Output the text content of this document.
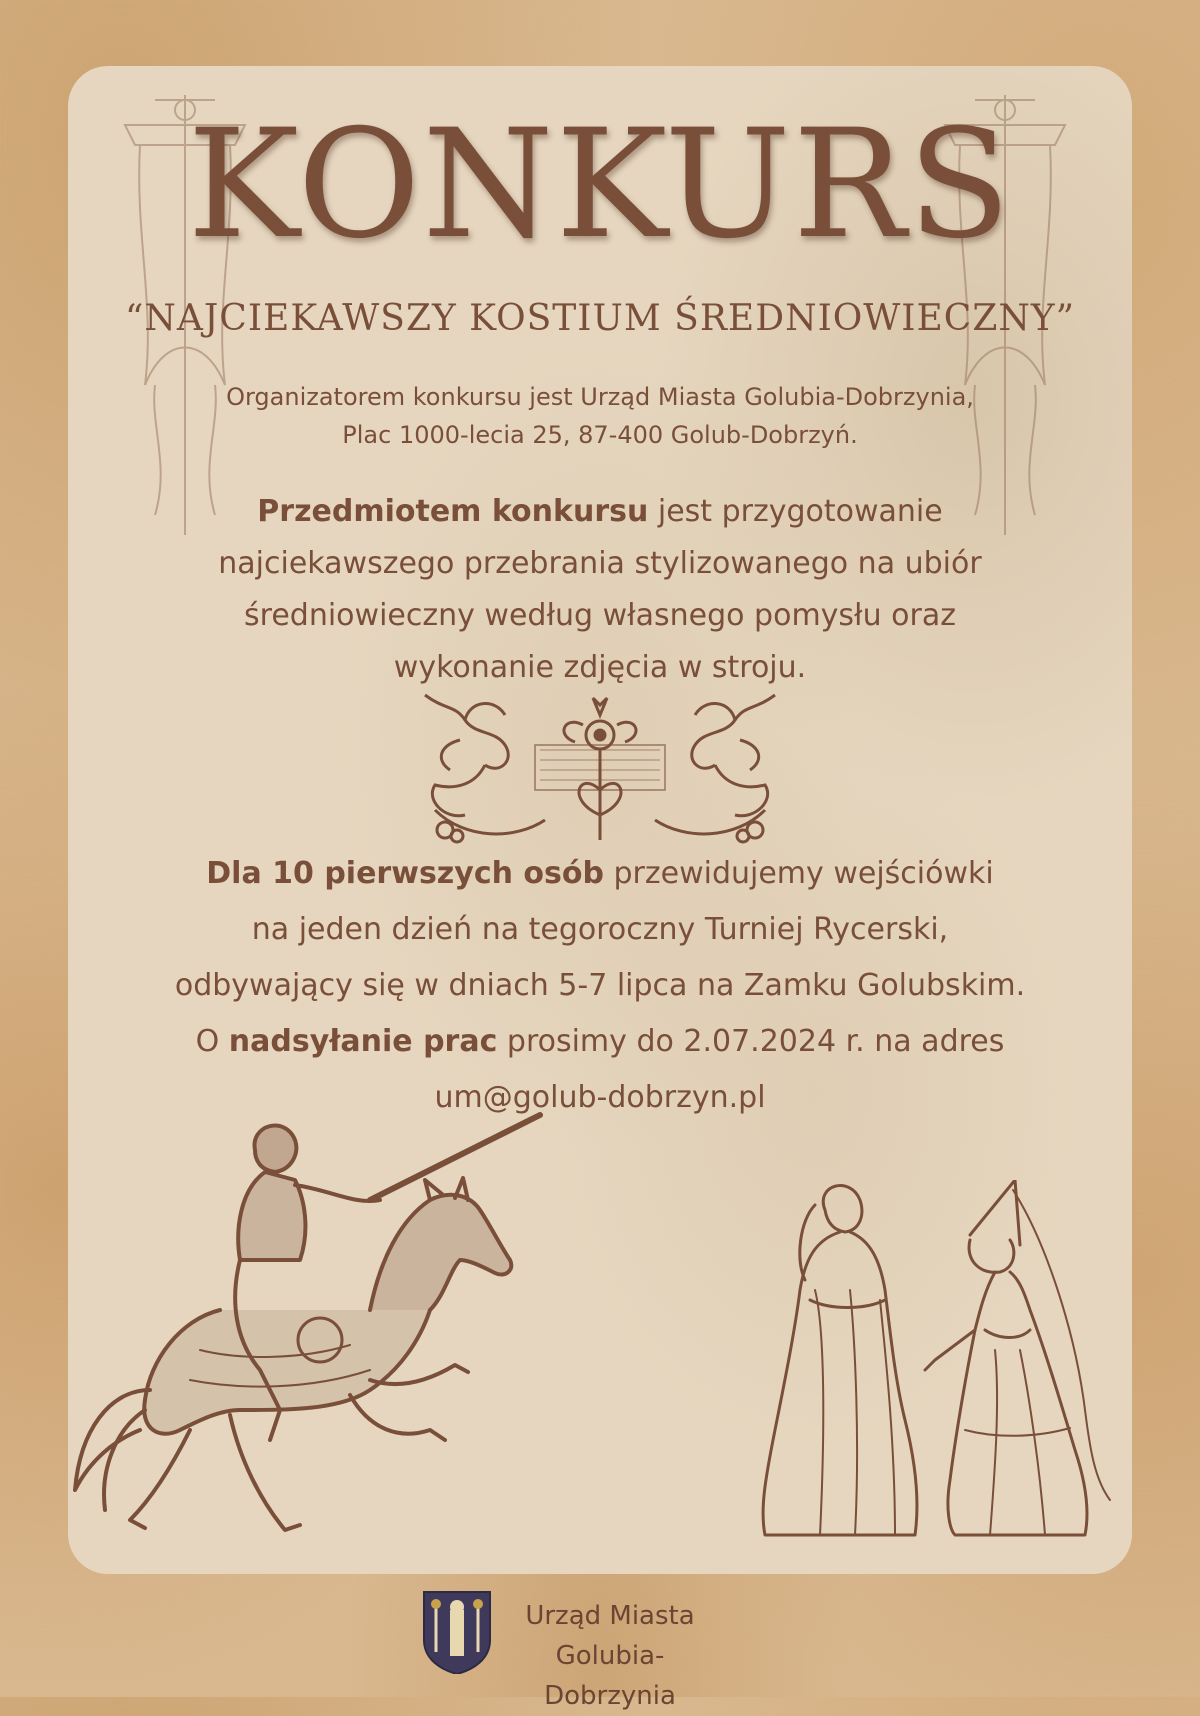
KONKURS
“NAJCIEKAWSZY KOSTIUM ŚREDNIOWIECZNY”
Organizatorem konkursu jest Urząd Miasta Golubia-Dobrzynia,
Plac 1000-lecia 25, 87-400 Golub-Dobrzyń.
Przedmiotem konkursu jest przygotowanie
najciekawszego przebrania stylizowanego na ubiór
średniowieczny według własnego pomysłu oraz
wykonanie zdjęcia w stroju.
Dla 10 pierwszych osób przewidujemy wejściówki
na jeden dzień na tegoroczny Turniej Rycerski,
odbywający się w dniach 5-7 lipca na Zamku Golubskim.
O nadsyłanie prac prosimy do 2.07.2024 r. na adres
um@golub-dobrzyn.pl
Urząd Miasta
Golubia-Dobrzynia
